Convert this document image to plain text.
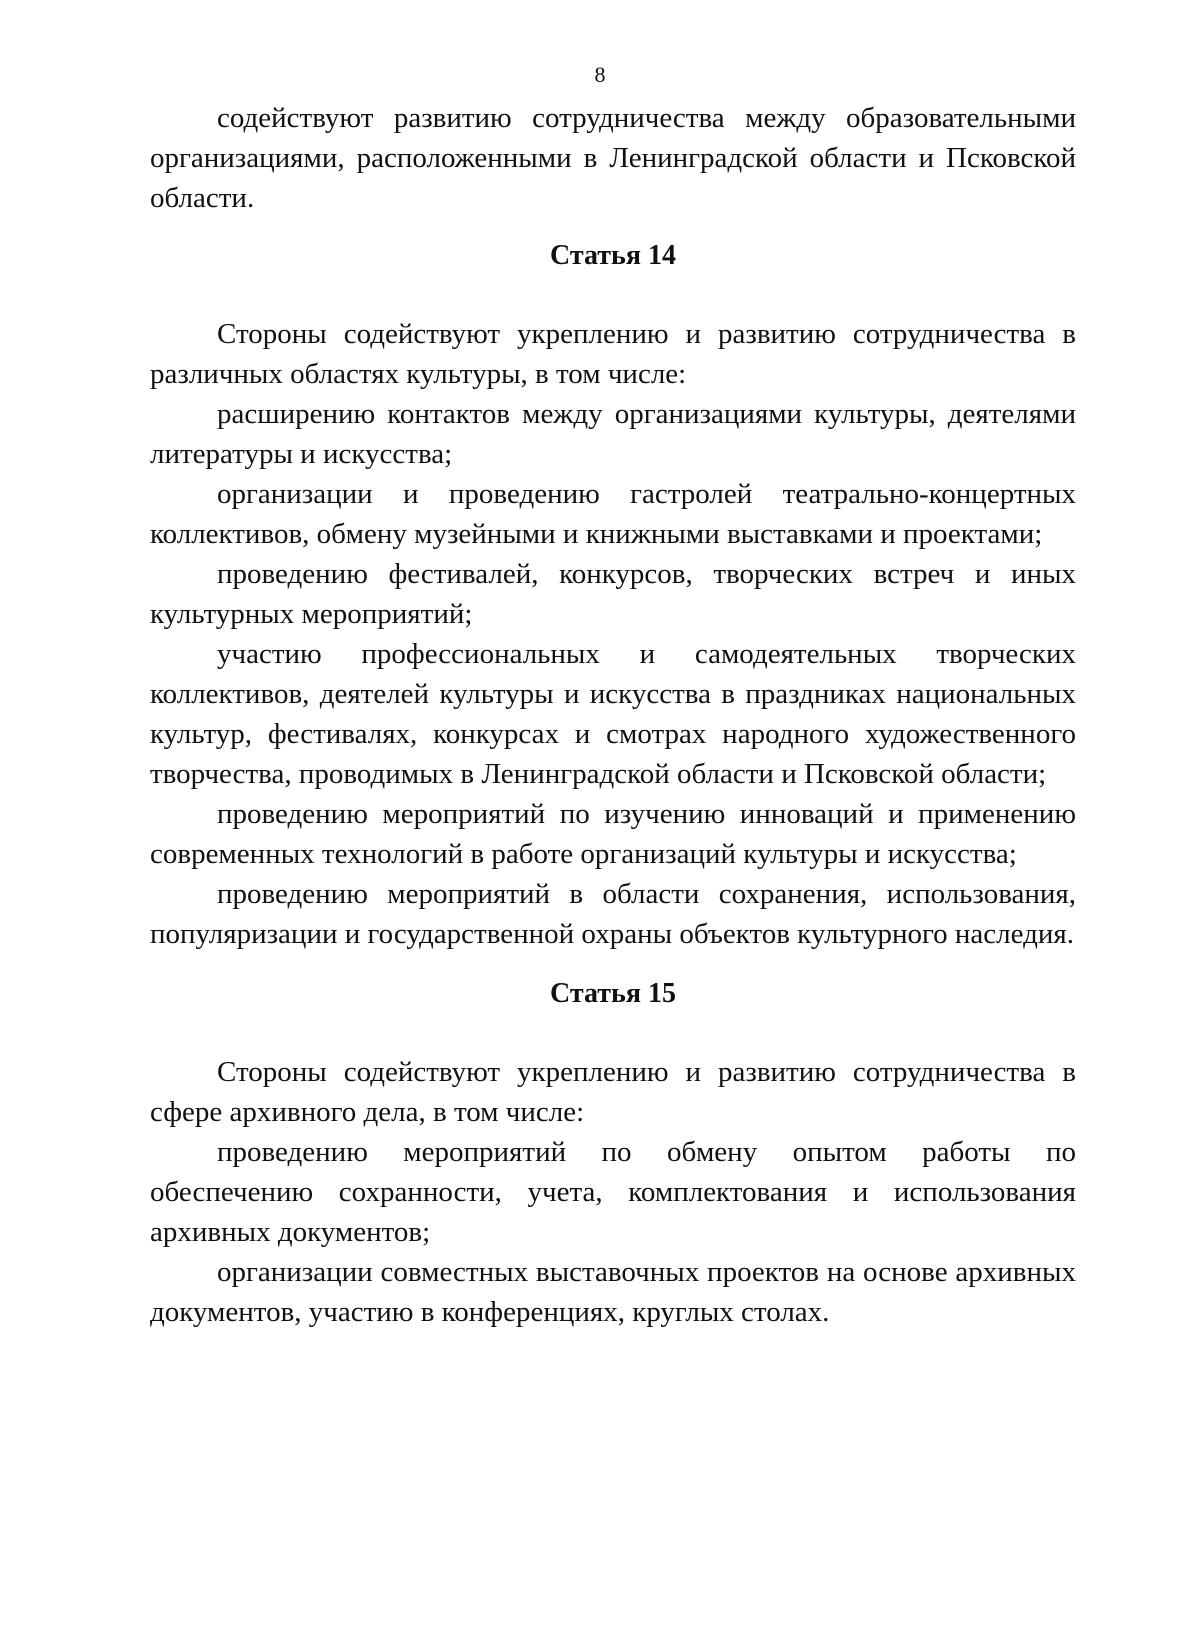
8

содействуют развитию сотрудничества между образовательными организациями, расположенными в Ленинградской области и Псковской области.

Статья 14

Стороны содействуют укреплению и развитию сотрудничества в различных областях культуры, в том числе:

расширению контактов между организациями культуры, деятелями литературы и искусства;

организации и проведению гастролей театрально-концертных коллективов, обмену музейными и книжными выставками и проектами;

проведению фестивалей, конкурсов, творческих встреч и иных культурных мероприятий;

участию профессиональных и самодеятельных творческих коллективов, деятелей культуры и искусства в праздниках национальных культур, фестивалях, конкурсах и смотрах народного художественного творчества, проводимых в Ленинградской области и Псковской области;

проведению мероприятий по изучению инноваций и применению современных технологий в работе организаций культуры и искусства;

проведению мероприятий в области сохранения, использования, популяризации и государственной охраны объектов культурного наследия.

Статья 15

Стороны содействуют укреплению и развитию сотрудничества в сфере архивного дела, в том числе:

проведению мероприятий по обмену опытом работы по обеспечению сохранности, учета, комплектования и использования архивных документов;

организации совместных выставочных проектов на основе архивных документов, участию в конференциях, круглых столах.
